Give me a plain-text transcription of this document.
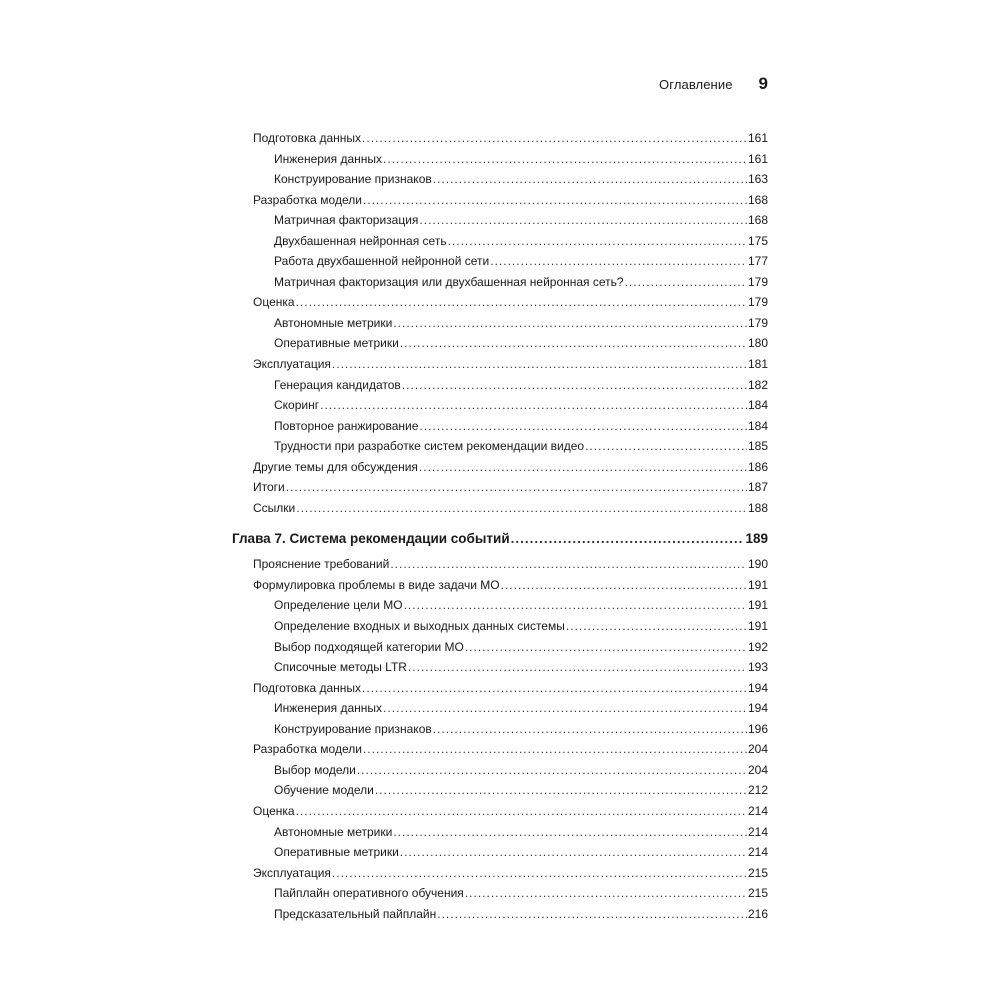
Оглавление 9
Подготовка данных .....	161
Инженерия данных .....	161
Конструирование признаков .....	163
Разработка модели .....	168
Матричная факторизация .....	168
Двухбашенная нейронная сеть .....	175
Работа двухбашенной нейронной сети .....	177
Матричная факторизация или двухбашенная нейронная сеть? .....	179
Оценка .....	179
Автономные метрики .....	179
Оперативные метрики .....	180
Эксплуатация .....	181
Генерация кандидатов .....	182
Скоринг .....	184
Повторное ранжирование .....	184
Трудности при разработке систем рекомендации видео .....	185
Другие темы для обсуждения .....	186
Итоги .....	187
Ссылки .....	188
Глава 7. Система рекомендации событий .....	189
Прояснение требований .....	190
Формулировка проблемы в виде задачи МО .....	191
Определение цели МО .....	191
Определение входных и выходных данных системы .....	191
Выбор подходящей категории МО .....	192
Списочные методы LTR .....	193
Подготовка данных .....	194
Инженерия данных .....	194
Конструирование признаков .....	196
Разработка модели .....	204
Выбор модели .....	204
Обучение модели .....	212
Оценка .....	214
Автономные метрики .....	214
Оперативные метрики .....	214
Эксплуатация .....	215
Пайплайн оперативного обучения .....	215
Предсказательный пайплайн .....	216
